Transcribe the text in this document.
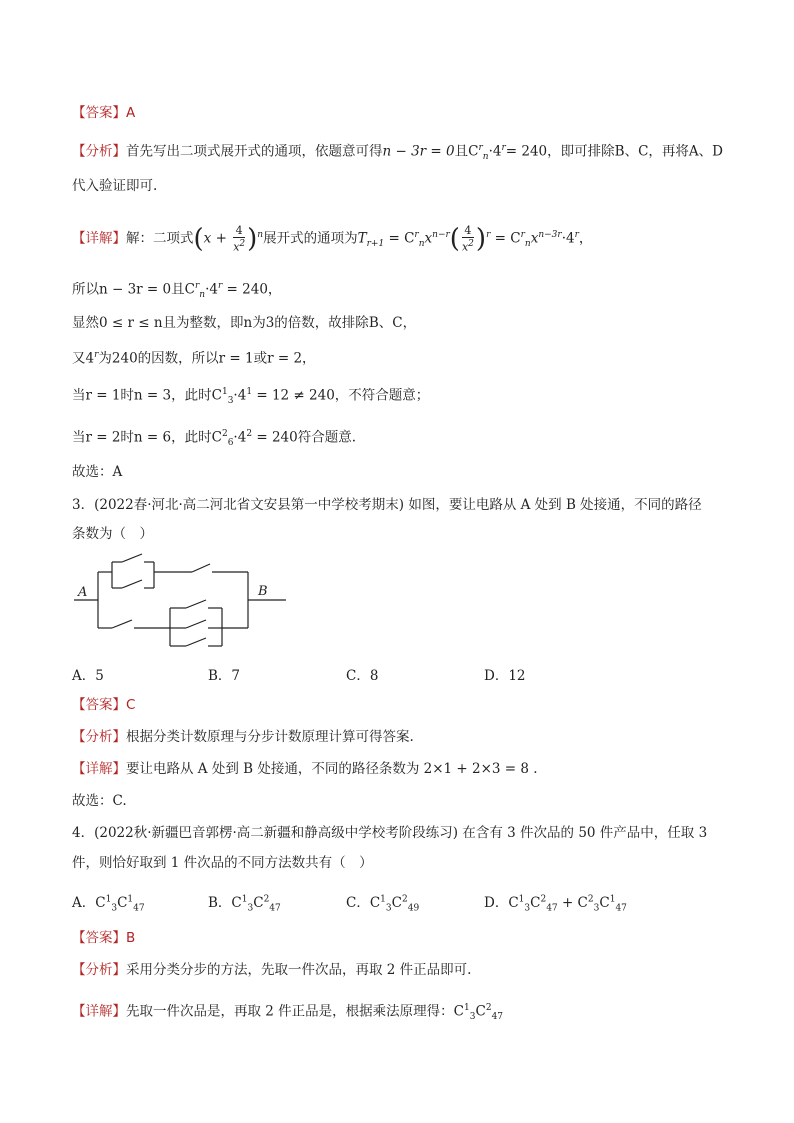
【答案】A
【分析】首先写出二项式展开式的通项，依题意可得n − 3r = 0且$C^r_n\cdot 4^r= 240$，即可排除B、C，再将A、D
代入验证即可.
【详解】解：二项式$(x + \frac{4}{x^2} )^n$展开式的通项为$T_{r+1} = C^r_nx^{n-r}( \frac{4}{x^2} )^r = C^r_nx^{n-3r}\cdot 4^r$，
所以n − 3r = 0且$C^r_n\cdot 4^r = 240$，
显然0 ≤ r ≤ n且为整数，即n为3的倍数，故排除B、C，
又4$^r$为240的因数，所以r = 1或r = 2，
当r = 1时n = 3，此时$C^1_3\cdot 4^1 = 12 \ne 240$，不符合题意；
当r = 2时n = 6，此时$C^2_6\cdot 4^2 = 240$符合题意.
故选：A
3．(2022春·河北·高二河北省文安县第一中学校考期末) 如图，要让电路从 A 处到 B 处接通，不同的路径
条数为（　）
A	B
A．5	B．7	C．8	D．12
【答案】C
【分析】根据分类计数原理与分步计数原理计算可得答案.
【详解】要让电路从 A 处到 B 处接通，不同的路径条数为 2×1 + 2×3 = 8 .
故选：C.
4．(2022秋·新疆巴音郭楞·高二新疆和静高级中学校考阶段练习) 在含有 3 件次品的 50 件产品中，任取 3
件，则恰好取到 1 件次品的不同方法数共有（　）
A．$C^1_3C^1_{47}$	B．$C^1_3C^2_{47}$	C．$C^1_3C^2_{49}$	D．$C^1_3C^2_{47} + C^2_3C^1_{47}$
【答案】B
【分析】采用分类分步的方法，先取一件次品，再取 2 件正品即可.
【详解】先取一件次品是，再取 2 件正品是，根据乘法原理得：$C^1_3C^2_{47}$
